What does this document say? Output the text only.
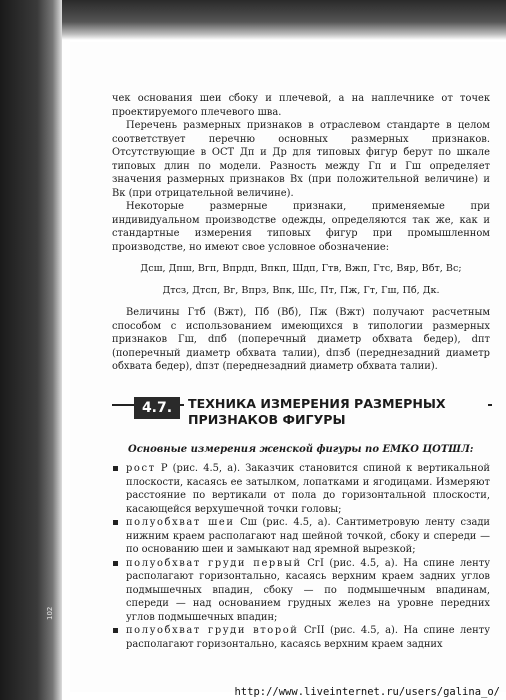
чек основания шеи сбоку и плечевой, а на наплечнике от точек проектируемого плечевого шва.

Перечень размерных признаков в отраслевом стандарте в целом соответствует перечню основных размерных признаков. Отсутствующие в ОСТ Дп и Др для типовых фигур берут по шкале типовых длин по модели. Разность между Гп и Гш определяет значения размерных признаков Вх (при положительной величине) и Вк (при отрицательной величине).

Некоторые размерные признаки, применяемые при индивидуальном производстве одежды, определяются так же, как и стандартные измерения типовых фигур при промышленном производстве, но имеют свое условное обозначение:

Дсш, Дпш, Вгп, Впрдп, Впкп, Шдп, Гтв, Вжп, Гтс, Вяр, Вбт, Вс;
Дтсз, Дтсп, Вг, Впрз, Впк, Шс, Пт, Пж, Гт, Гш, Пб, Дк.
Величины Гтб (Вжт), Пб (Вб), Пж (Вжт) получают расчетным способом с использованием имеющихся в типологии размерных признаков Гш, dпб (поперечный диаметр обхвата бедер), dпт (поперечный диаметр обхвата талии), dпзб (переднезадний диаметр обхвата бедер), dпзт (переднезадний диаметр обхвата талии).
4.7.	ТЕХНИКА ИЗМЕРЕНИЯ РАЗМЕРНЫХ ПРИЗНАКОВ ФИГУРЫ
Основные измерения женской фигуры по ЕМКО ЦОТШЛ:

рост Р (рис. 4.5, а). Заказчик становится спиной к вертикальной плоскости, касаясь ее затылком, лопатками и ягодицами. Измеряют расстояние по вертикали от пола до горизонтальной плоскости, касающейся верхушечной точки головы;

полуобхват шеи Сш (рис. 4.5, а). Сантиметровую ленту сзади нижним краем располагают над шейной точкой, сбоку и спереди — по основанию шеи и замыкают над яремной вырезкой;

полуобхват груди первый СгI (рис. 4.5, а). На спине ленту располагают горизонтально, касаясь верхним краем задних углов подмышечных впадин, сбоку — по подмышечным впадинам, спереди — над основанием грудных желез на уровне передних углов подмышечных впадин;

полуобхват груди второй СгII (рис. 4.5, а). На спине ленту располагают горизонтально, касаясь верхним краем задних

102
http://www.liveinternet.ru/users/galina_o/
